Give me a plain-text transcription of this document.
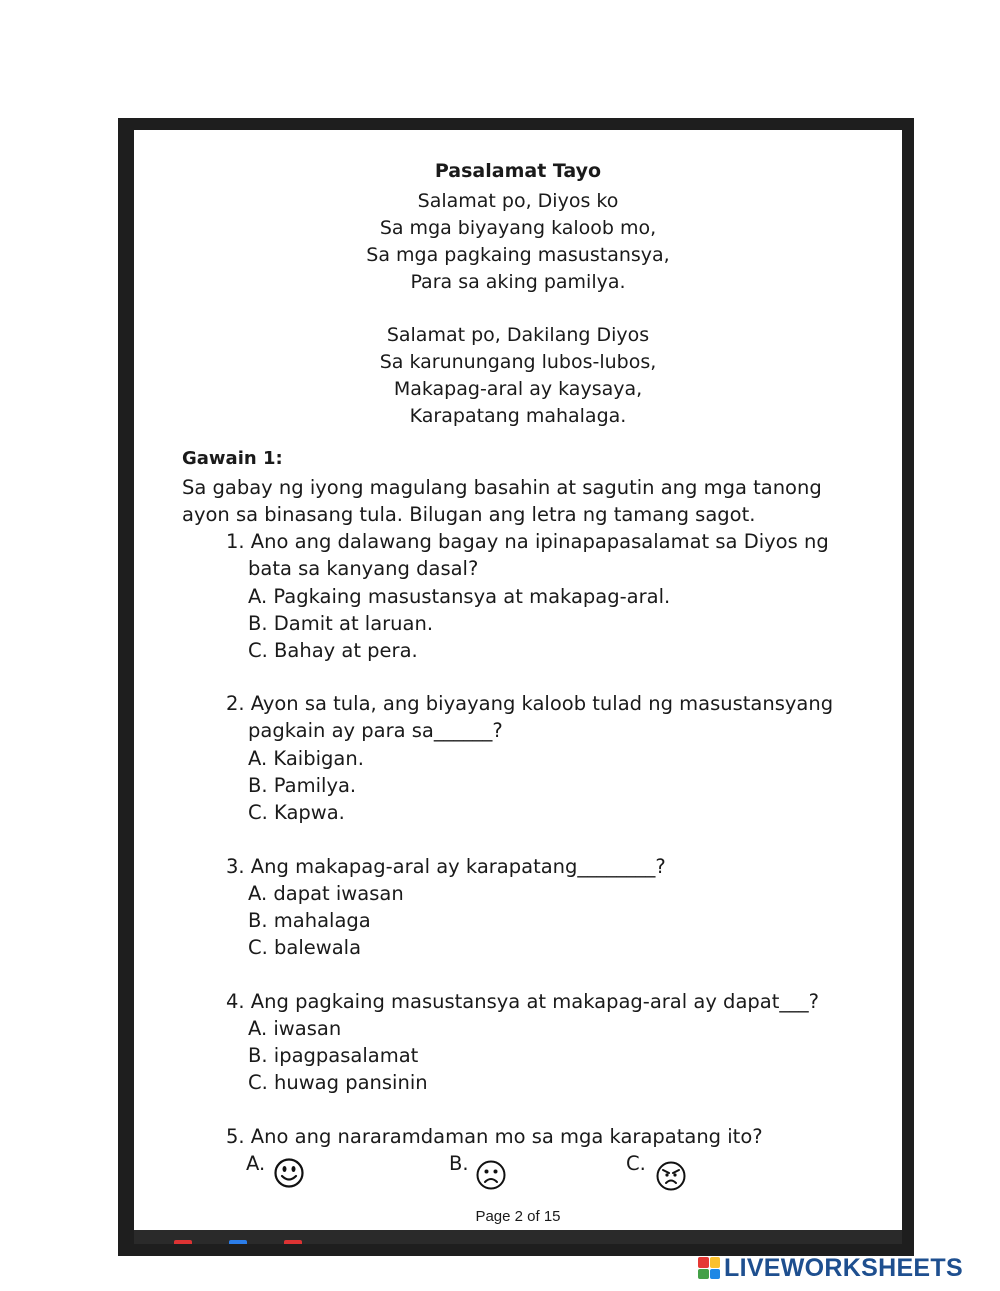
Pasalamat Tayo
Salamat po, Diyos ko
Sa mga biyayang kaloob mo,
Sa mga pagkaing masustansya,
Para sa aking pamilya.
Salamat po, Dakilang Diyos
Sa karunungang lubos-lubos,
Makapag-aral ay kaysaya,
Karapatang mahalaga.
Gawain 1:
Sa gabay ng iyong magulang basahin at sagutin ang mga tanong
ayon sa binasang tula. Bilugan ang letra ng tamang sagot.
1. Ano ang dalawang bagay na ipinapapasalamat sa Diyos ng
bata sa kanyang dasal?
A. Pagkaing masustansya at makapag-aral.
B. Damit at laruan.
C. Bahay at pera.
2. Ayon sa tula, ang biyayang kaloob tulad ng masustansyang
pagkain ay para sa______?
A. Kaibigan.
B. Pamilya.
C. Kapwa.
3. Ang makapag-aral ay karapatang________?
A. dapat iwasan
B. mahalaga
C. balewala
4. Ang pagkaing masustansya at makapag-aral ay dapat___?
A. iwasan
B. ipagpasalamat
C. huwag pansinin
5. Ano ang nararamdaman mo sa mga karapatang ito?
A.	B.	C.
Page 2 of 15
LIVEWORKSHEETS
